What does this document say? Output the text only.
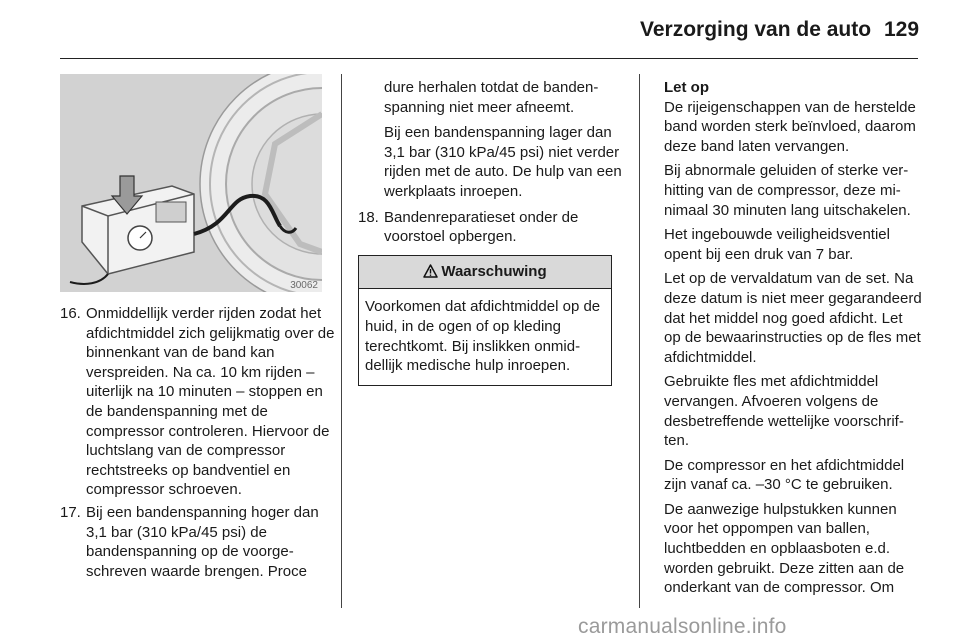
Verzorging van de auto 129
30062
16. Onmiddellijk verder rijden zodat het afdichtmiddel zich gelijkmatig over de binnenkant van de band kan verspreiden. Na ca. 10 km rijden – uiterlijk na 10 minuten – stoppen en de bandenspanning met de compressor controleren. Hiervoor de luchtslang van de compressor rechtstreeks op bandventiel en compressor schroeven.
17. Bij een bandenspanning hoger dan 3,1 bar (310 kPa/45 psi) de bandenspanning op de voorgeschreven waarde brengen. Proce
dure herhalen totdat de bandenspanning niet meer afneemt.
Bij een bandenspanning lager dan 3,1 bar (310 kPa/45 psi) niet verder rijden met de auto. De hulp van een werkplaats inroepen.
18. Bandenreparatieset onder de voorstoel opbergen.
Waarschuwing
Voorkomen dat afdichtmiddel op de huid, in de ogen of op kleding terechtkomt. Bij inslikken onmiddellijk medische hulp inroepen.

Let op

De rijeigenschappen van de herstelde band worden sterk beïnvloed, daarom deze band laten vervangen.

Bij abnormale geluiden of sterke verhitting van de compressor, deze minimaal 30 minuten lang uitschakelen.

Het ingebouwde veiligheidsventiel opent bij een druk van 7 bar.

Let op de vervaldatum van de set. Na deze datum is niet meer gegarandeerd dat het middel nog goed afdicht. Let op de bewaarinstructies op de fles met afdichtmiddel.

Gebruikte fles met afdichtmiddel vervangen. Afvoeren volgens de desbetreffende wettelijke voorschriften.

De compressor en het afdichtmiddel zijn vanaf ca. –30 °C te gebruiken.

De aanwezige hulpstukken kunnen voor het oppompen van ballen, luchtbedden en opblaasboten e.d. worden gebruikt. Deze zitten aan de onderkant van de compressor. Om

carmanualsonline.info
